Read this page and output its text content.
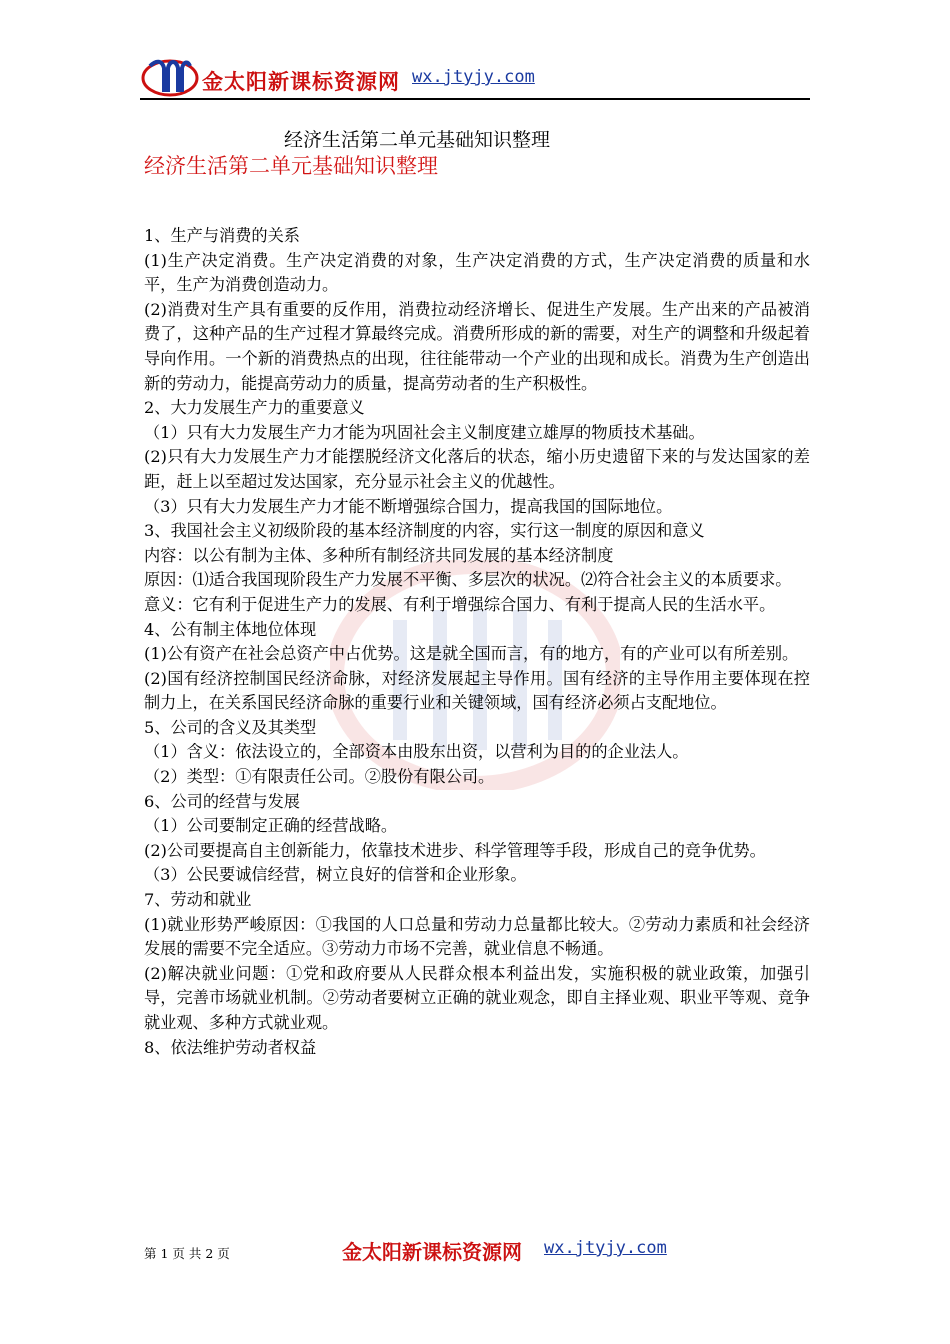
金太阳新课标资源网 wx.jtyjy.com
经济生活第二单元基础知识整理
经济生活第二单元基础知识整理

1、生产与消费的关系

(1)生产决定消费。生产决定消费的对象，生产决定消费的方式，生产决定消费的质量和水平，生产为消费创造动力。

(2)消费对生产具有重要的反作用，消费拉动经济增长、促进生产发展。生产出来的产品被消费了，这种产品的生产过程才算最终完成。消费所形成的新的需要，对生产的调整和升级起着导向作用。一个新的消费热点的出现，往往能带动一个产业的出现和成长。消费为生产创造出新的劳动力，能提高劳动力的质量，提高劳动者的生产积极性。

2、大力发展生产力的重要意义

（1）只有大力发展生产力才能为巩固社会主义制度建立雄厚的物质技术基础。

(2)只有大力发展生产力才能摆脱经济文化落后的状态，缩小历史遗留下来的与发达国家的差距，赶上以至超过发达国家，充分显示社会主义的优越性。

（3）只有大力发展生产力才能不断增强综合国力，提高我国的国际地位。

3、我国社会主义初级阶段的基本经济制度的内容，实行这一制度的原因和意义

内容：以公有制为主体、多种所有制经济共同发展的基本经济制度

原因：⑴适合我国现阶段生产力发展不平衡、多层次的状况。⑵符合社会主义的本质要求。

意义：它有利于促进生产力的发展、有利于增强综合国力、有利于提高人民的生活水平。

4、公有制主体地位体现

(1)公有资产在社会总资产中占优势。这是就全国而言，有的地方，有的产业可以有所差别。

(2)国有经济控制国民经济命脉，对经济发展起主导作用。国有经济的主导作用主要体现在控制力上，在关系国民经济命脉的重要行业和关键领域，国有经济必须占支配地位。

5、公司的含义及其类型

（1）含义：依法设立的，全部资本由股东出资，以营利为目的的企业法人。

（2）类型：①有限责任公司。②股份有限公司。

6、公司的经营与发展

（1）公司要制定正确的经营战略。

(2)公司要提高自主创新能力，依靠技术进步、科学管理等手段，形成自己的竞争优势。

（3）公民要诚信经营，树立良好的信誉和企业形象。

7、劳动和就业

(1)就业形势严峻原因：①我国的人口总量和劳动力总量都比较大。②劳动力素质和社会经济发展的需要不完全适应。③劳动力市场不完善，就业信息不畅通。

(2)解决就业问题：①党和政府要从人民群众根本利益出发，实施积极的就业政策，加强引导，完善市场就业机制。②劳动者要树立正确的就业观念，即自主择业观、职业平等观、竞争就业观、多种方式就业观。

8、依法维护劳动者权益

第 1 页 共 2 页	金太阳新课标资源网 wx.jtyjy.com
